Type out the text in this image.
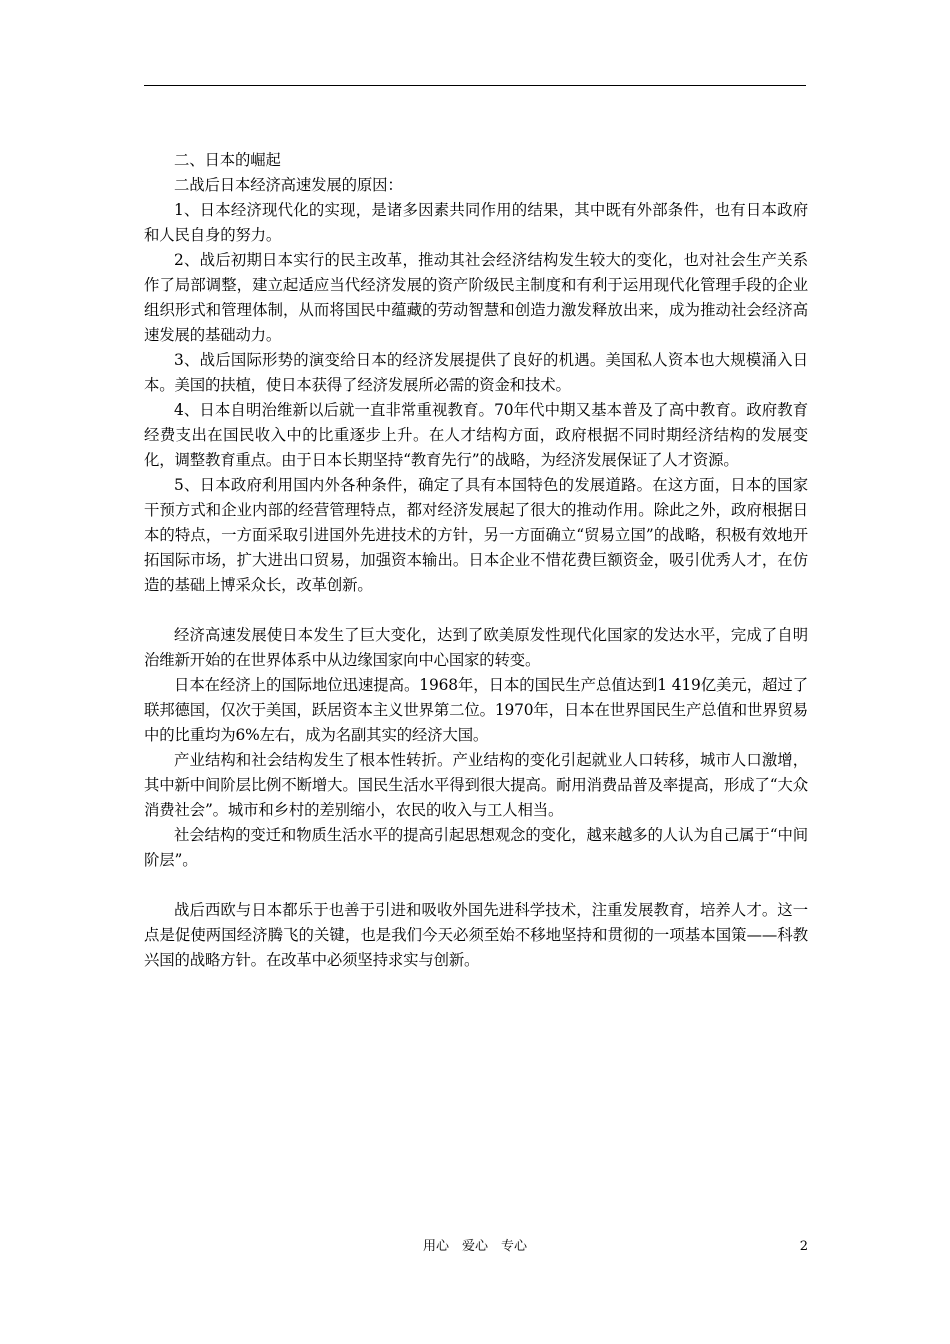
二、日本的崛起

二战后日本经济高速发展的原因：

1、日本经济现代化的实现，是诸多因素共同作用的结果，其中既有外部条件，也有日本政府和人民自身的努力。

2、战后初期日本实行的民主改革，推动其社会经济结构发生较大的变化，也对社会生产关系作了局部调整，建立起适应当代经济发展的资产阶级民主制度和有利于运用现代化管理手段的企业组织形式和管理体制，从而将国民中蕴藏的劳动智慧和创造力激发释放出来，成为推动社会经济高速发展的基础动力。

3、战后国际形势的演变给日本的经济发展提供了良好的机遇。美国私人资本也大规模涌入日本。美国的扶植，使日本获得了经济发展所必需的资金和技术。

4、日本自明治维新以后就一直非常重视教育。70年代中期又基本普及了高中教育。政府教育经费支出在国民收入中的比重逐步上升。在人才结构方面，政府根据不同时期经济结构的发展变化，调整教育重点。由于日本长期坚持“教育先行”的战略，为经济发展保证了人才资源。

5、日本政府利用国内外各种条件，确定了具有本国特色的发展道路。在这方面，日本的国家干预方式和企业内部的经营管理特点，都对经济发展起了很大的推动作用。除此之外，政府根据日本的特点，一方面采取引进国外先进技术的方针，另一方面确立“贸易立国”的战略，积极有效地开拓国际市场，扩大进出口贸易，加强资本输出。日本企业不惜花费巨额资金，吸引优秀人才，在仿造的基础上博采众长，改革创新。

经济高速发展使日本发生了巨大变化，达到了欧美原发性现代化国家的发达水平，完成了自明治维新开始的在世界体系中从边缘国家向中心国家的转变。

日本在经济上的国际地位迅速提高。1968年，日本的国民生产总值达到1 419亿美元，超过了联邦德国，仅次于美国，跃居资本主义世界第二位。1970年，日本在世界国民生产总值和世界贸易中的比重均为6%左右，成为名副其实的经济大国。

产业结构和社会结构发生了根本性转折。产业结构的变化引起就业人口转移，城市人口激增，其中新中间阶层比例不断增大。国民生活水平得到很大提高。耐用消费品普及率提高，形成了“大众消费社会”。城市和乡村的差别缩小，农民的收入与工人相当。

社会结构的变迁和物质生活水平的提高引起思想观念的变化，越来越多的人认为自己属于“中间阶层”。

战后西欧与日本都乐于也善于引进和吸收外国先进科学技术，注重发展教育，培养人才。这一点是促使两国经济腾飞的关键，也是我们今天必须至始不移地坚持和贯彻的一项基本国策——科教兴国的战略方针。在改革中必须坚持求实与创新。

用心　爱心　专心	2
